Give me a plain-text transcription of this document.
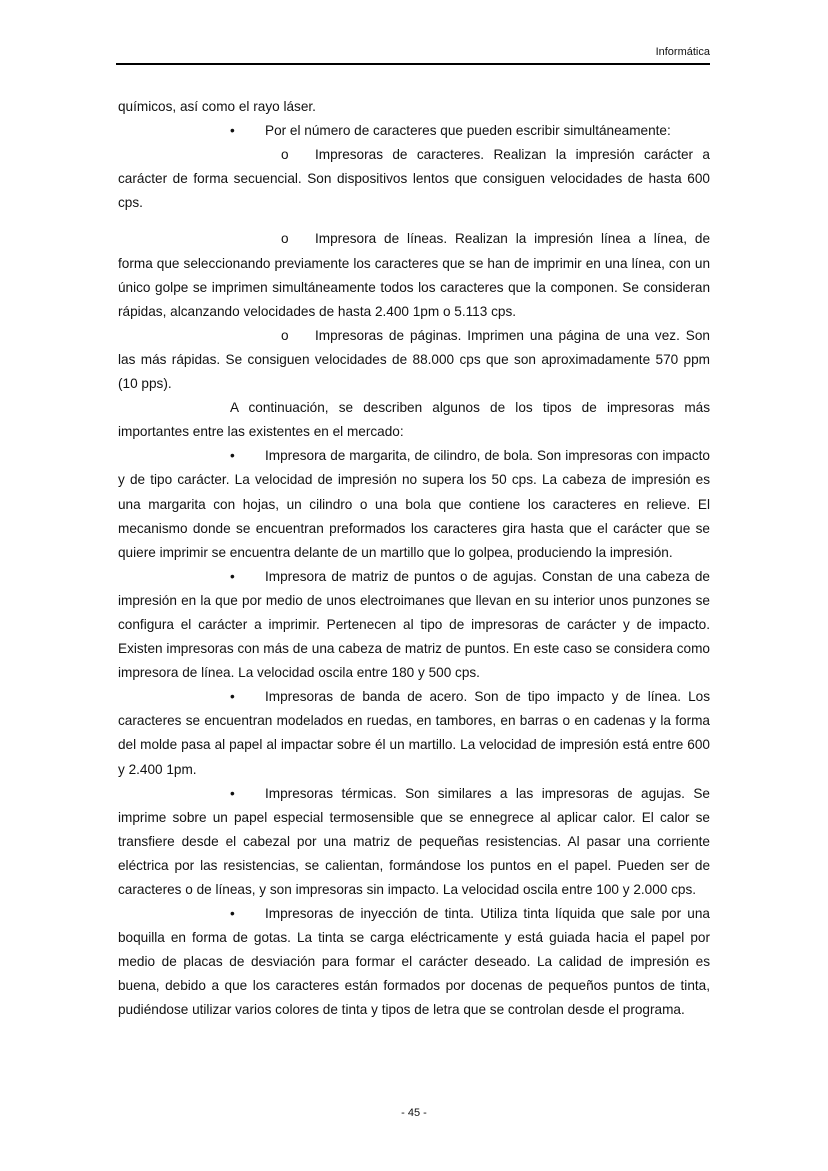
Informática

químicos, así como el rayo láser.

• Por el número de caracteres que pueden escribir simultáneamente:

o Impresoras de caracteres. Realizan la impresión carácter a carácter de forma secuencial. Son dispositivos lentos que consiguen velocidades de hasta 600 cps.

o Impresora de líneas. Realizan la impresión línea a línea, de forma que seleccionando previamente los caracteres que se han de imprimir en una línea, con un único golpe se imprimen simultáneamente todos los caracteres que la componen. Se consideran rápidas, alcanzando velocidades de hasta 2.400 1pm o 5.113 cps.

o Impresoras de páginas. Imprimen una página de una vez. Son las más rápidas. Se consiguen velocidades de 88.000 cps que son aproximadamente 570 ppm (10 pps).

A continuación, se describen algunos de los tipos de impresoras más importantes entre las existentes en el mercado:

• Impresora de margarita, de cilindro, de bola. Son impresoras con impacto y de tipo carácter. La velocidad de impresión no supera los 50 cps. La cabeza de impresión es una margarita con hojas, un cilindro o una bola que contiene los caracteres en relieve. El mecanismo donde se encuentran preformados los caracteres gira hasta que el carácter que se quiere imprimir se encuentra delante de un martillo que lo golpea, produciendo la impresión.

• Impresora de matriz de puntos o de agujas. Constan de una cabeza de impresión en la que por medio de unos electroimanes que llevan en su interior unos punzones se configura el carácter a imprimir. Pertenecen al tipo de impresoras de carácter y de impacto. Existen impresoras con más de una cabeza de matriz de puntos. En este caso se considera como impresora de línea. La velocidad oscila entre 180 y 500 cps.

• Impresoras de banda de acero. Son de tipo impacto y de línea. Los caracteres se encuentran modelados en ruedas, en tambores, en barras o en cadenas y la forma del molde pasa al papel al impactar sobre él un martillo. La velocidad de impresión está entre 600 y 2.400 1pm.

• Impresoras térmicas. Son similares a las impresoras de agujas. Se imprime sobre un papel especial termosensible que se ennegrece al aplicar calor. El calor se transfiere desde el cabezal por una matriz de pequeñas resistencias. Al pasar una corriente eléctrica por las resistencias, se calientan, formándose los puntos en el papel. Pueden ser de caracteres o de líneas, y son impresoras sin impacto. La velocidad oscila entre 100 y 2.000 cps.

• Impresoras de inyección de tinta. Utiliza tinta líquida que sale por una boquilla en forma de gotas. La tinta se carga eléctricamente y está guiada hacia el papel por medio de placas de desviación para formar el carácter deseado. La calidad de impresión es buena, debido a que los caracteres están formados por docenas de pequeños puntos de tinta, pudiéndose utilizar varios colores de tinta y tipos de letra que se controlan desde el programa.

- 45 -
